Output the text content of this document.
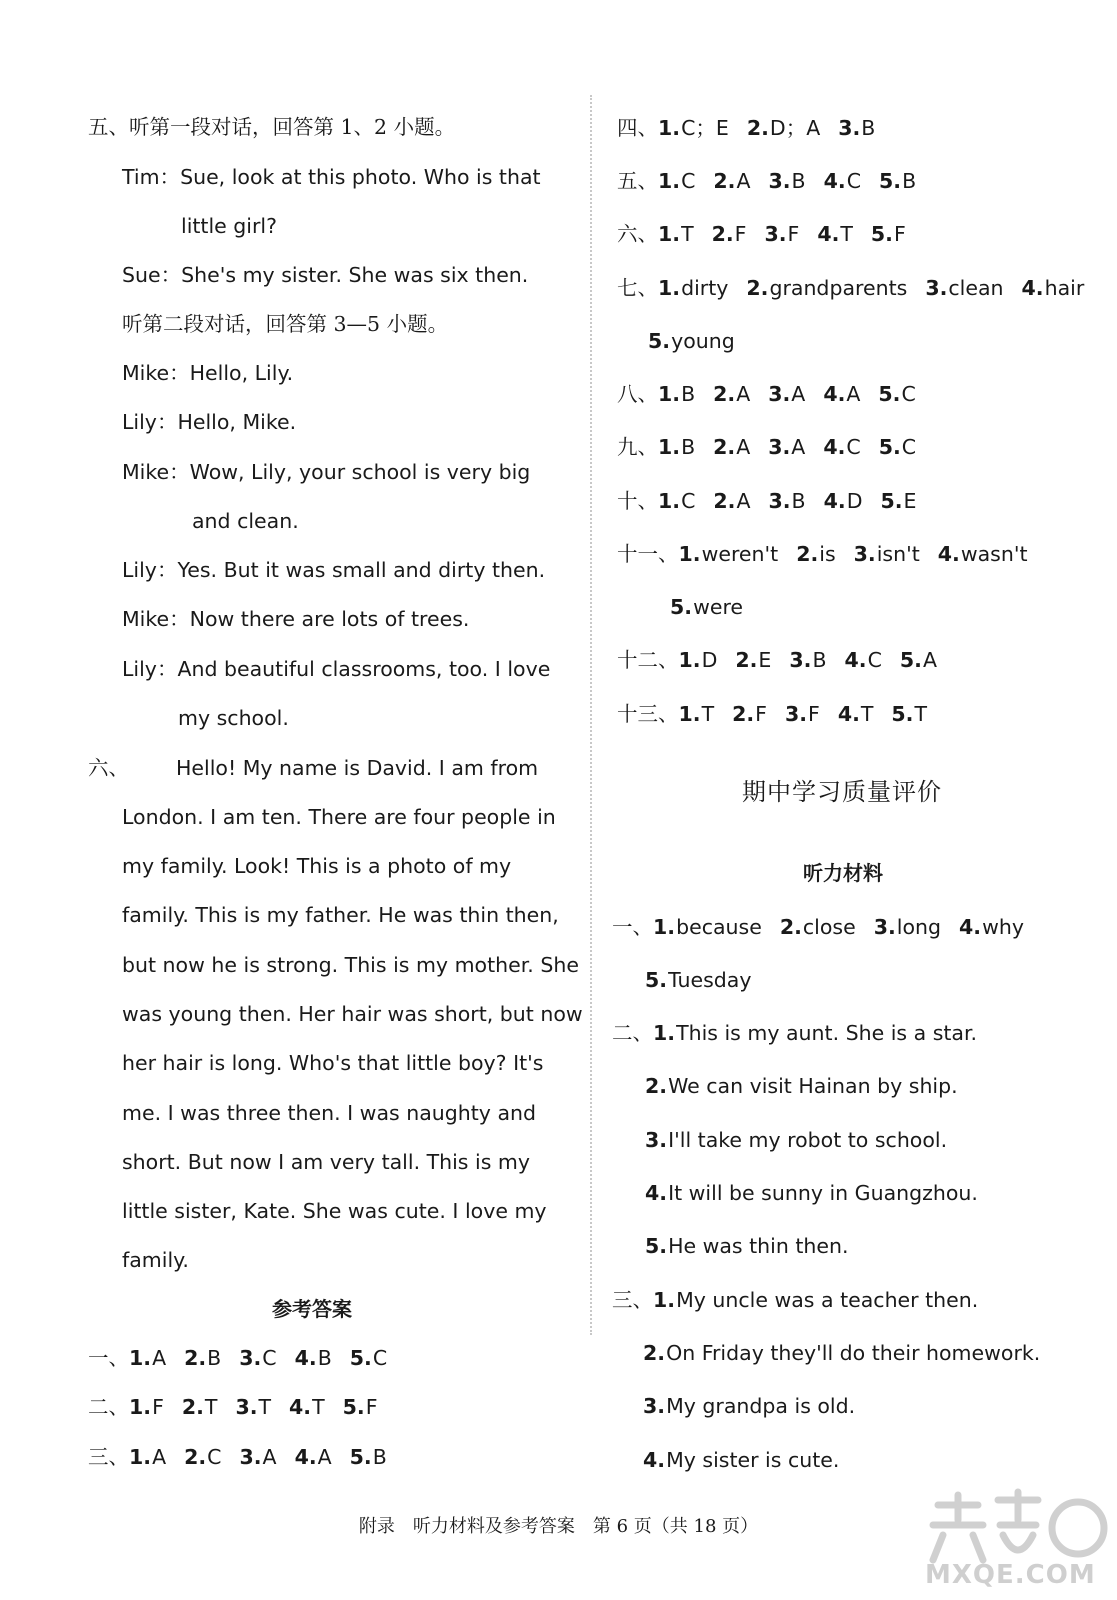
五、听第一段对话，回答第 1、2 小题。
Tim：Sue, look at this photo. Who is that
little girl?
Sue：She's my sister. She was six then.
听第二段对话，回答第 3—5 小题。
Mike：Hello, Lily.
Lily：Hello, Mike.
Mike：Wow, Lily, your school is very big
and clean.
Lily：Yes. But it was small and dirty then.
Mike：Now there are lots of trees.
Lily：And beautiful classrooms, too. I love
my school.
六、 Hello! My name is David. I am from
London. I am ten. There are four people in
my family. Look! This is a photo of my
family. This is my father. He was thin then,
but now he is strong. This is my mother. She
was young then. Her hair was short, but now
her hair is long. Who's that little boy? It's
me. I was three then. I was naughty and
short. But now I am very tall. This is my
little sister, Kate. She was cute. I love my
family.
参考答案
一、1.A 2.B 3.C 4.B 5.C
二、1.F 2.T 3.T 4.T 5.F
三、1.A 2.C 3.A 4.A 5.B
四、1.C；E 2.D；A 3.B
五、1.C 2.A 3.B 4.C 5.B
六、1.T 2.F 3.F 4.T 5.F
七、1.dirty 2.grandparents 3.clean 4.hair
5.young
八、1.B 2.A 3.A 4.A 5.C
九、1.B 2.A 3.A 4.C 5.C
十、1.C 2.A 3.B 4.D 5.E
十一、1.weren't 2.is 3.isn't 4.wasn't
5.were
十二、1.D 2.E 3.B 4.C 5.A
十三、1.T 2.F 3.F 4.T 5.T
期中学习质量评价
听力材料
一、1.because 2.close 3.long 4.why
5.Tuesday
二、1.This is my aunt. She is a star.
2.We can visit Hainan by ship.
3.I'll take my robot to school.
4.It will be sunny in Guangzhou.
5.He was thin then.
三、1.My uncle was a teacher then.
2.On Friday they'll do their homework.
3.My grandpa is old.
4.My sister is cute.
附录　听力材料及参考答案　第 6 页（共 18 页）
MXQE.COM
